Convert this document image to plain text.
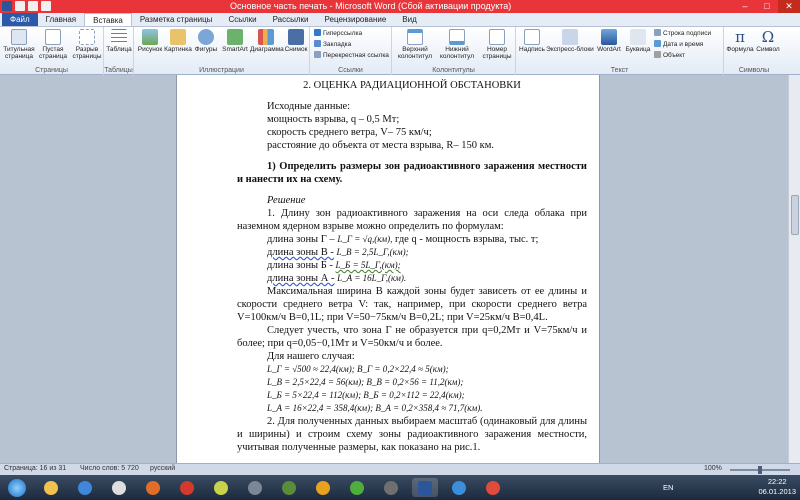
Основное часть печать - Microsoft Word (Сбой активации продукта)	–	□	✕
Файл	Главная	Вставка	Разметка страницы	Ссылки	Рассылки	Рецензирование	Вид
Титульная страница
Пустая страница
Разрыв страницы
Страницы
Таблица
Таблицы
Рисунок Картинка Фигуры SmartArt Диаграмма Снимок
Иллюстрации
Гиперссылка
Закладка
Перекрестная ссылка
Ссылки
Верхний колонтитул
Нижний колонтитул
Номер страницы
Колонтитулы
Надпись Экспресс-блоки WordArt Буквица
Строка подписи
Дата и время
Объект
Текст
π
Формула
Ω
Символ
Символы

2. ОЦЕНКА РАДИАЦИОННОЙ ОБСТАНОВКИ

Исходные данные:

мощность взрыва, q – 0,5 Мт;

скорость среднего ветра, V– 75 км/ч;

расстояние до объекта от места взрыва, R– 150 км.

1) Определить размеры зон радиоактивного заражения местности и нанести их на схему.

Решение

1. Длину зон радиоактивного заражения на оси следа облака при наземном ядерном взрыве можно определить по формулам:

длина зоны Г – L_Г = √q,(км), где q - мощность взрыва, тыс. т;

длина зоны В - L_В = 2,5L_Г,(км);

длина зоны Б - L_Б = 5L_Г,(км);

длина зоны А - L_А = 16L_Г,(км).

Максимальная ширина B каждой зоны будет зависеть от ее длины и скорости среднего ветра V: так, например, при скорости среднего ветра V=100км/ч B=0,1L; при V=50−75км/ч B=0,2L; при V=25км/ч B=0,4L.

Следует учесть, что зона Г не образуется при q=0,2Мт и V=75км/ч и более; при q=0,05−0,1Мт и V=50км/ч и более.

Для нашего случая:

L_Г = √500 ≈ 22,4(км); B_Г = 0,2×22,4 ≈ 5(км);

L_В = 2,5×22,4 = 56(км); B_В = 0,2×56 = 11,2(км);

L_Б = 5×22,4 = 112(км); B_Б = 0,2×112 = 22,4(км);

L_А = 16×22,4 = 358,4(км); B_А = 0,2×358,4 ≈ 71,7(км).

2. Для полученных данных выбираем масштаб (одинаковый для длины и ширины) и строим схему зоны радиоактивного заражения местности, учитывая полученные размеры, как показано на рис.1.

Страница: 16 из 31 Число слов: 5 720 русский	100%
EN
22:22
06.01.2013
